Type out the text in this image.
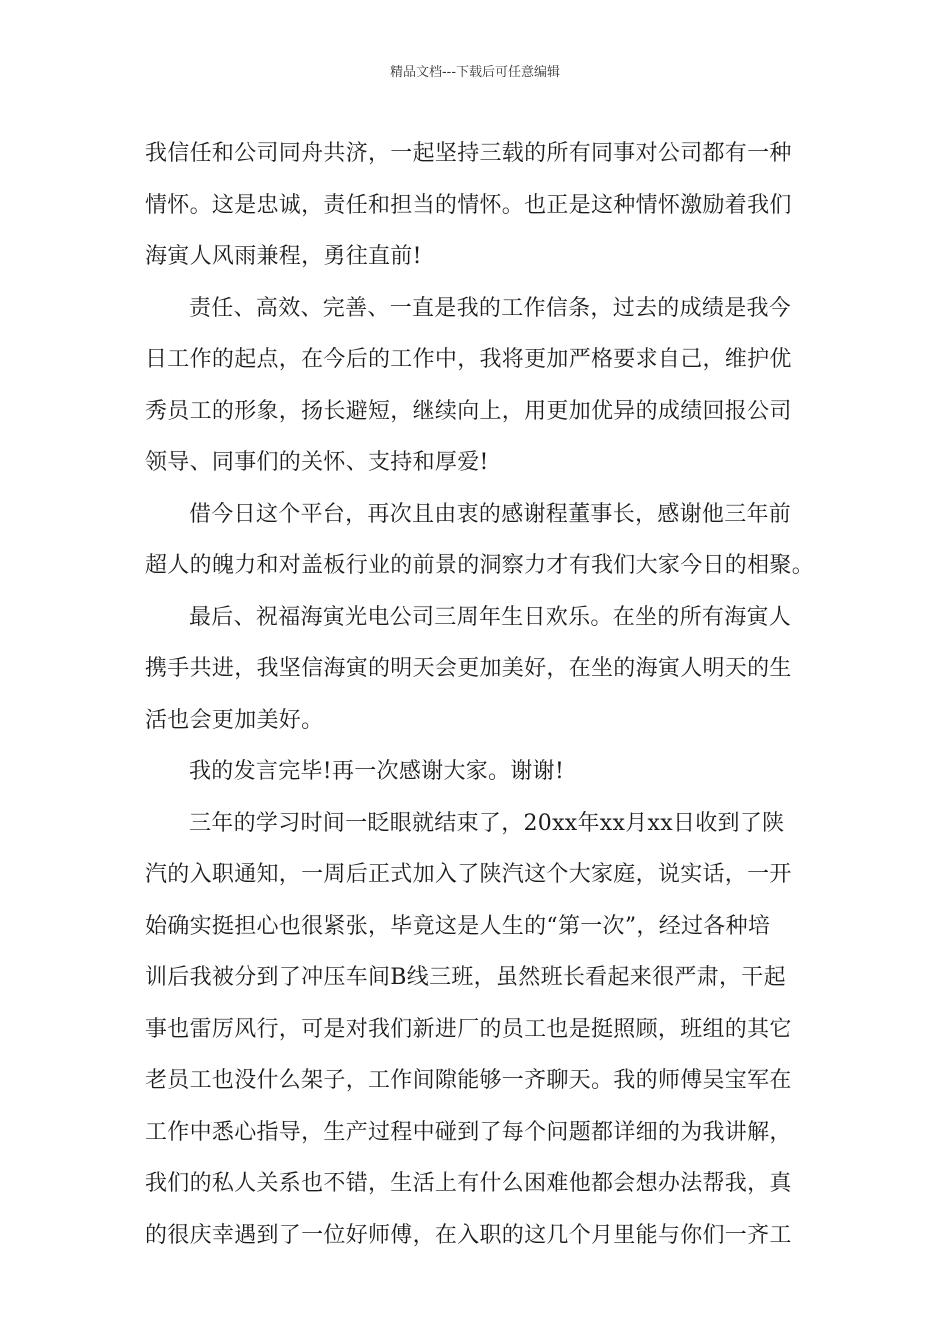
精品文档---下载后可任意编辑
我信任和公司同舟共济，一起坚持三载的所有同事对公司都有一种
情怀。这是忠诚，责任和担当的情怀。也正是这种情怀激励着我们
海寅人风雨兼程，勇往直前!
责任、高效、完善、一直是我的工作信条，过去的成绩是我今
日工作的起点，在今后的工作中，我将更加严格要求自己，维护优
秀员工的形象，扬长避短，继续向上，用更加优异的成绩回报公司
领导、同事们的关怀、支持和厚爱!
借今日这个平台，再次且由衷的感谢程董事长，感谢他三年前
超人的魄力和对盖板行业的前景的洞察力才有我们大家今日的相聚。
最后、祝福海寅光电公司三周年生日欢乐。在坐的所有海寅人
携手共进，我坚信海寅的明天会更加美好，在坐的海寅人明天的生
活也会更加美好。
我的发言完毕!再一次感谢大家。谢谢!
三年的学习时间一眨眼就结束了，20xx年xx月xx日收到了陕
汽的入职通知，一周后正式加入了陕汽这个大家庭，说实话，一开
始确实挺担心也很紧张，毕竟这是人生的“第一次”，经过各种培
训后我被分到了冲压车间B线三班，虽然班长看起来很严肃，干起
事也雷厉风行，可是对我们新进厂的员工也是挺照顾，班组的其它
老员工也没什么架子，工作间隙能够一齐聊天。我的师傅吴宝军在
工作中悉心指导，生产过程中碰到了每个问题都详细的为我讲解，
我们的私人关系也不错，生活上有什么困难他都会想办法帮我，真
的很庆幸遇到了一位好师傅，在入职的这几个月里能与你们一齐工
